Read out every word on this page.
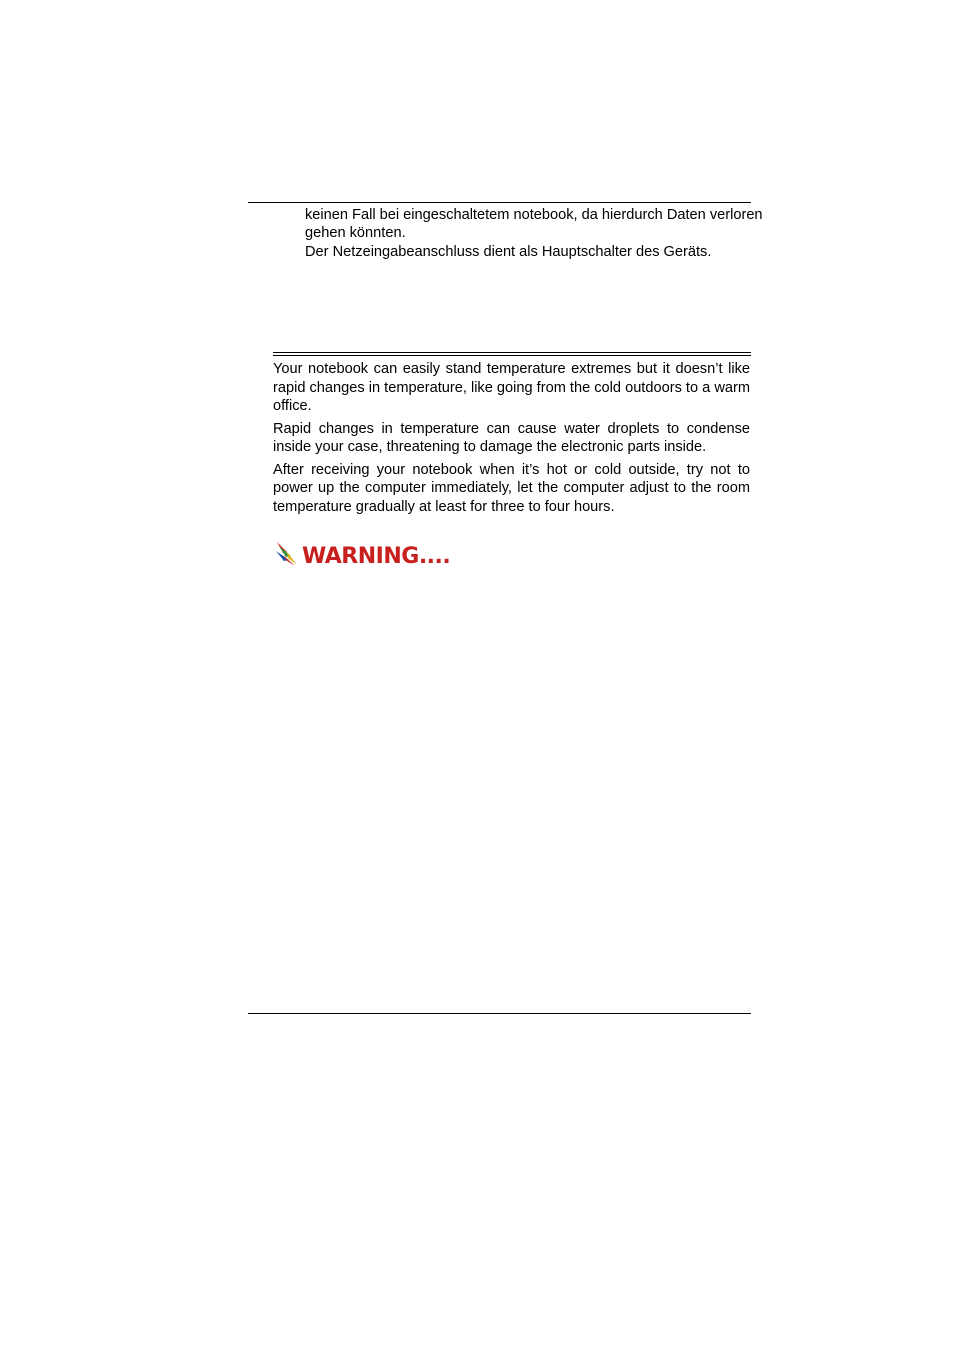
keinen Fall bei eingeschaltetem notebook, da hierdurch Daten verloren gehen könnten.

Der Netzeingabeanschluss dient als Hauptschalter des Geräts.

Your notebook can easily stand temperature extremes but it doesn’t like rapid changes in temperature, like going from the cold outdoors to a warm office.

Rapid changes in temperature can cause water droplets to condense inside your case, threatening to damage the electronic parts inside.

After receiving your notebook when it’s hot or cold outside, try not to power up the computer immediately, let the computer adjust to the room temperature gradually at least for three to four hours.

WARNING....
